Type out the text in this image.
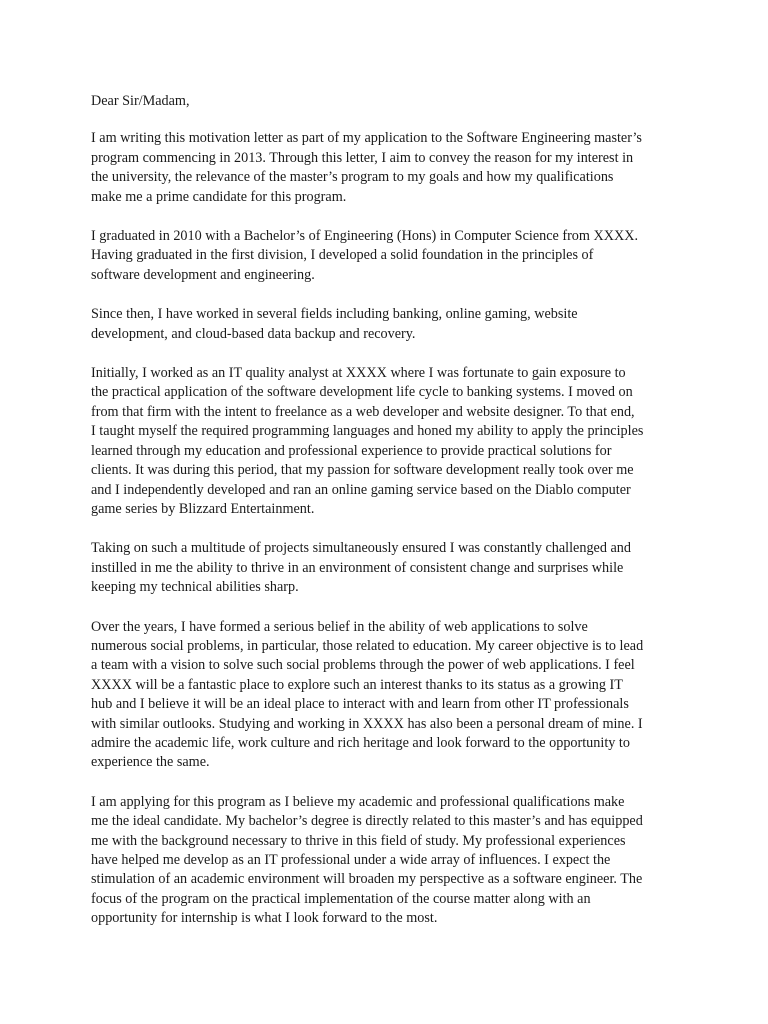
Dear Sir/Madam,

I am writing this motivation letter as part of my application to the Software Engineering master’s
program commencing in 2013. Through this letter, I aim to convey the reason for my interest in
the university, the relevance of the master’s program to my goals and how my qualifications
make me a prime candidate for this program.

I graduated in 2010 with a Bachelor’s of Engineering (Hons) in Computer Science from XXXX.
Having graduated in the first division, I developed a solid foundation in the principles of
software development and engineering.

Since then, I have worked in several fields including banking, online gaming, website
development, and cloud-based data backup and recovery.

Initially, I worked as an IT quality analyst at XXXX where I was fortunate to gain exposure to
the practical application of the software development life cycle to banking systems. I moved on
from that firm with the intent to freelance as a web developer and website designer. To that end,
I taught myself the required programming languages and honed my ability to apply the principles
learned through my education and professional experience to provide practical solutions for
clients. It was during this period, that my passion for software development really took over me
and I independently developed and ran an online gaming service based on the Diablo computer
game series by Blizzard Entertainment.

Taking on such a multitude of projects simultaneously ensured I was constantly challenged and
instilled in me the ability to thrive in an environment of consistent change and surprises while
keeping my technical abilities sharp.

Over the years, I have formed a serious belief in the ability of web applications to solve
numerous social problems, in particular, those related to education. My career objective is to lead
a team with a vision to solve such social problems through the power of web applications. I feel
XXXX will be a fantastic place to explore such an interest thanks to its status as a growing IT
hub and I believe it will be an ideal place to interact with and learn from other IT professionals
with similar outlooks. Studying and working in XXXX has also been a personal dream of mine. I
admire the academic life, work culture and rich heritage and look forward to the opportunity to
experience the same.

I am applying for this program as I believe my academic and professional qualifications make
me the ideal candidate. My bachelor’s degree is directly related to this master’s and has equipped
me with the background necessary to thrive in this field of study. My professional experiences
have helped me develop as an IT professional under a wide array of influences. I expect the
stimulation of an academic environment will broaden my perspective as a software engineer. The
focus of the program on the practical implementation of the course matter along with an
opportunity for internship is what I look forward to the most.
